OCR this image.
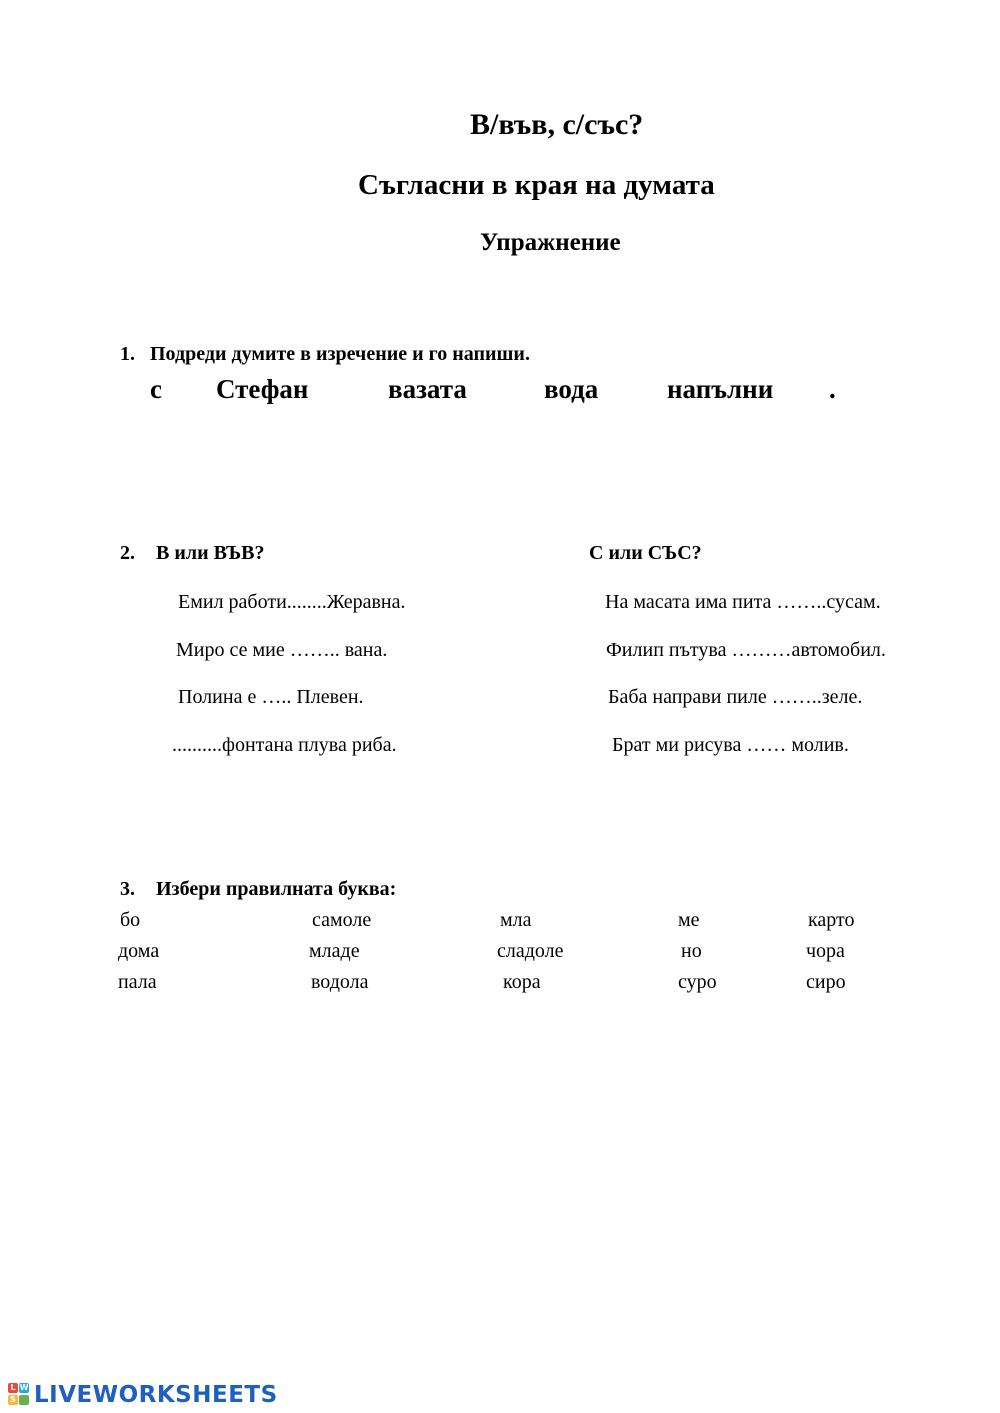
В/във, с/със?
Съгласни в края на думата
Упражнение
1. Подреди думите в изречение и го напиши.
с Стефан	вазата	вода	напълни .
2. В или ВЪВ?	С или СЪС?
Емил работи........Жеравна.
Миро се мие …….. вана.
Полина е ….. Плевен.
..........фонтана плува риба.
На масата има пита ……..сусам.
Филип пътува ………автомобил.
Баба направи пиле ……..зеле.
Брат ми рисува …… молив.
3. Избери правилната буква:
бо	самоле	мла	ме	карто
дома	младе	сладоле	но	чора
пала	водола	кора	суро	сиро
L W
S LIVEWORKSHEETS
